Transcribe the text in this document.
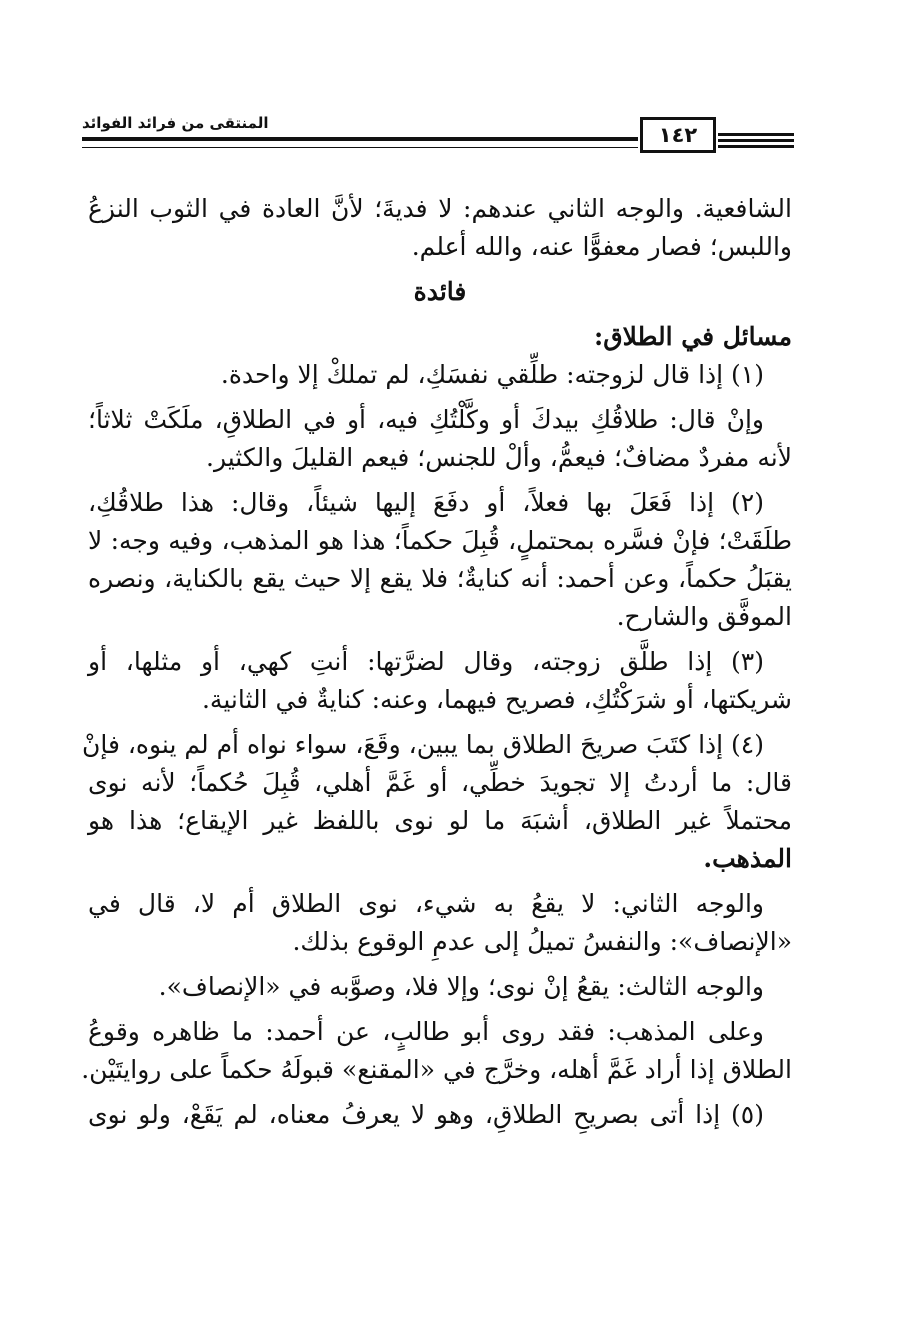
المنتقى من فرائد الفوائد	١٤٢
الشافعية. والوجه الثاني عندهم: لا فديةَ؛ لأنَّ العادة في الثوب النزعُ
واللبس؛ فصار معفوًّا عنه، والله أعلم.
فائدة
مسائل في الطلاق:
(١) إذا قال لزوجته: طلِّقي نفسَكِ، لم تملكْ إلا واحدة.
وإنْ قال: طلاقُكِ بيدكَ أو وكَّلْتُكِ فيه، أو في الطلاقِ، ملَكَتْ ثلاثاً؛
لأنه مفردٌ مضافٌ؛ فيعمُّ، وألْ للجنس؛ فيعم القليلَ والكثير.
(٢) إذا فَعَلَ بها فعلاً، أو دفَعَ إليها شيئاً، وقال: هذا طلاقُكِ،
طلَقَتْ؛ فإنْ فسَّره بمحتملٍ، قُبِلَ حكماً؛ هذا هو المذهب، وفيه وجه: لا
يقبَلُ حكماً، وعن أحمد: أنه كنايةٌ؛ فلا يقع إلا حيث يقع بالكناية، ونصره
الموفَّق والشارح.
(٣) إذا طلَّق زوجته، وقال لضرَّتها: أنتِ كهي، أو مثلها، أو
شريكتها، أو شرَكْتُكِ، فصريح فيهما، وعنه: كنايةٌ في الثانية.
(٤) إذا كتَبَ صريحَ الطلاق بما يبين، وقَعَ، سواء نواه أم لم ينوه، فإنْ
قال: ما أردتُ إلا تجويدَ خطِّي، أو غَمَّ أهلي، قُبِلَ حُكماً؛ لأنه نوى
محتملاً غير الطلاق، أشبَهَ ما لو نوى باللفظ غير الإيقاع؛ هذا هو
المذهب.
والوجه الثاني: لا يقعُ به شيء، نوى الطلاق أم لا، قال في
«الإنصاف»: والنفسُ تميلُ إلى عدمِ الوقوع بذلك.
والوجه الثالث: يقعُ إنْ نوى؛ وإلا فلا، وصوَّبه في «الإنصاف».
وعلى المذهب: فقد روى أبو طالبٍ، عن أحمد: ما ظاهره وقوعُ
الطلاق إذا أراد غَمَّ أهله، وخرَّج في «المقنع» قبولَهُ حكماً على روايتَيْن.
(٥) إذا أتى بصريحِ الطلاقِ، وهو لا يعرفُ معناه، لم يَقَعْ، ولو نوى
